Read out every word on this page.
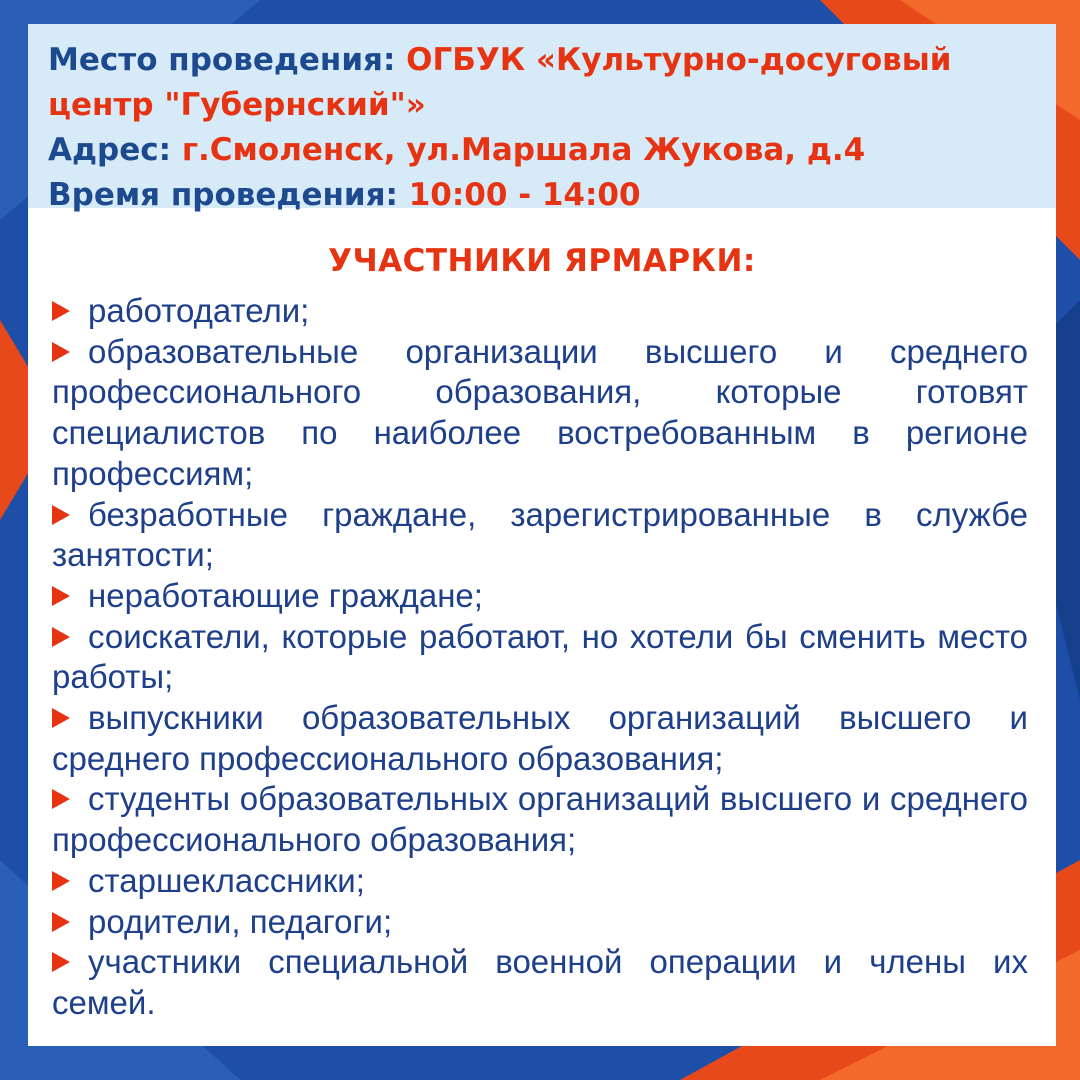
Место проведения: ОГБУК «Культурно-досуговый
центр "Губернский"»
Адрес: г.Смоленск, ул.Маршала Жукова, д.4
Время проведения: 10:00 - 14:00
УЧАСТНИКИ ЯРМАРКИ:
работодатели;
образовательные организации высшего и среднего профессионального образования, которые готовят специалистов по наиболее востребованным в регионе профессиям;
безработные граждане, зарегистрированные в службе занятости;
неработающие граждане;
соискатели, которые работают, но хотели бы сменить место работы;
выпускники образовательных организаций высшего и среднего профессионального образования;
студенты образовательных организаций высшего и среднего профессионального образования;
старшеклассники;
родители, педагоги;
участники специальной военной операции и члены их семей.
